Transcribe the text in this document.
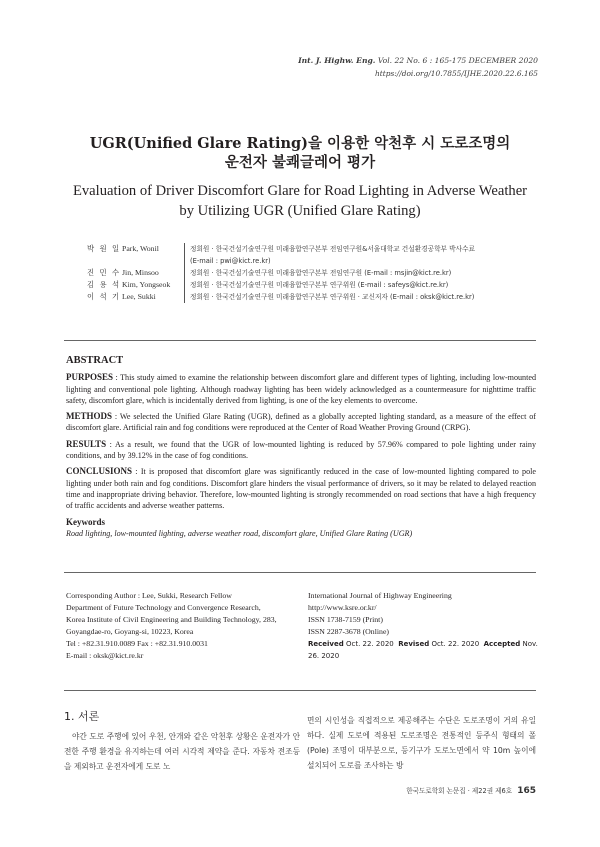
Int. J. Highw. Eng. Vol. 22 No. 6 : 165-175 DECEMBER 2020
https://doi.org/10.7855/IJHE.2020.22.6.165
UGR(Unified Glare Rating)을 이용한 악천후 시 도로조명의
운전자 불쾌글레어 평가
Evaluation of Driver Discomfort Glare for Road Lighting in Adverse Weather
by Utilizing UGR (Unified Glare Rating)
박 원 일 Park, Wonil	정회원 · 한국건설기술연구원 미래융합연구본부 전임연구원&서울대학교 건설환경공학부 박사수료
(E-mail : pwi@kict.re.kr)
진 민 수 Jin, Minsoo	정회원 · 한국건설기술연구원 미래융합연구본부 전임연구원 (E-mail : msjin@kict.re.kr)
김 용 석 Kim, Yongseok	정회원 · 한국건설기술연구원 미래융합연구본부 연구위원 (E-mail : safeys@kict.re.kr)
이 석 기 Lee, Sukki	정회원 · 한국건설기술연구원 미래융합연구본부 연구위원 · 교신저자 (E-mail : oksk@kict.re.kr)
ABSTRACT

PURPOSES : This study aimed to examine the relationship between discomfort glare and different types of lighting, including low-mounted lighting and conventional pole lighting. Although roadway lighting has been widely acknowledged as a countermeasure for nighttime traffic safety, discomfort glare, which is incidentally derived from lighting, is one of the key elements to overcome.

METHODS : We selected the Unified Glare Rating (UGR), defined as a globally accepted lighting standard, as a measure of the effect of discomfort glare. Artificial rain and fog conditions were reproduced at the Center of Road Weather Proving Ground (CRPG).

RESULTS : As a result, we found that the UGR of low-mounted lighting is reduced by 57.96% compared to pole lighting under rainy conditions, and by 39.12% in the case of fog conditions.

CONCLUSIONS : It is proposed that discomfort glare was significantly reduced in the case of low-mounted lighting compared to pole lighting under both rain and fog conditions. Discomfort glare hinders the visual performance of drivers, so it may be related to delayed reaction time and inappropriate driving behavior. Therefore, low-mounted lighting is strongly recommended on road sections that have a high frequency of traffic accidents and adverse weather patterns.

Keywords
Road lighting, low-mounted lighting, adverse weather road, discomfort glare, Unified Glare Rating (UGR)
Corresponding Author : Lee, Sukki, Research Fellow
Department of Future Technology and Convergence Research,
Korea Institute of Civil Engineering and Building Technology, 283,
Goyangdae-ro, Goyang-si, 10223, Korea
Tel : +82.31.910.0089 Fax : +82.31.910.0031
E-mail : oksk@kict.re.kr
International Journal of Highway Engineering
http://www.ksre.or.kr/
ISSN 1738-7159 (Print)
ISSN 2287-3678 (Online)
Received Oct. 22. 2020 Revised Oct. 22. 2020 Accepted Nov. 26. 2020
1. 서론

야간 도로 주행에 있어 우천, 안개와 같은 악천후 상황은 운전자가 안전한 주행 환경을 유지하는데 여러 시각적 제약을 준다. 자동차 전조등을 제외하고 운전자에게 도로 노

면의 시인성을 직접적으로 제공해주는 수단은 도로조명이 거의 유일하다. 실제 도로에 적용된 도로조명은 전통적인 등주식 형태의 폴(Pole) 조명이 대부분으로, 등기구가 도로노면에서 약 10m 높이에 설치되어 도로를 조사하는 방

한국도로학회 논문집 · 제22권 제6호 165
